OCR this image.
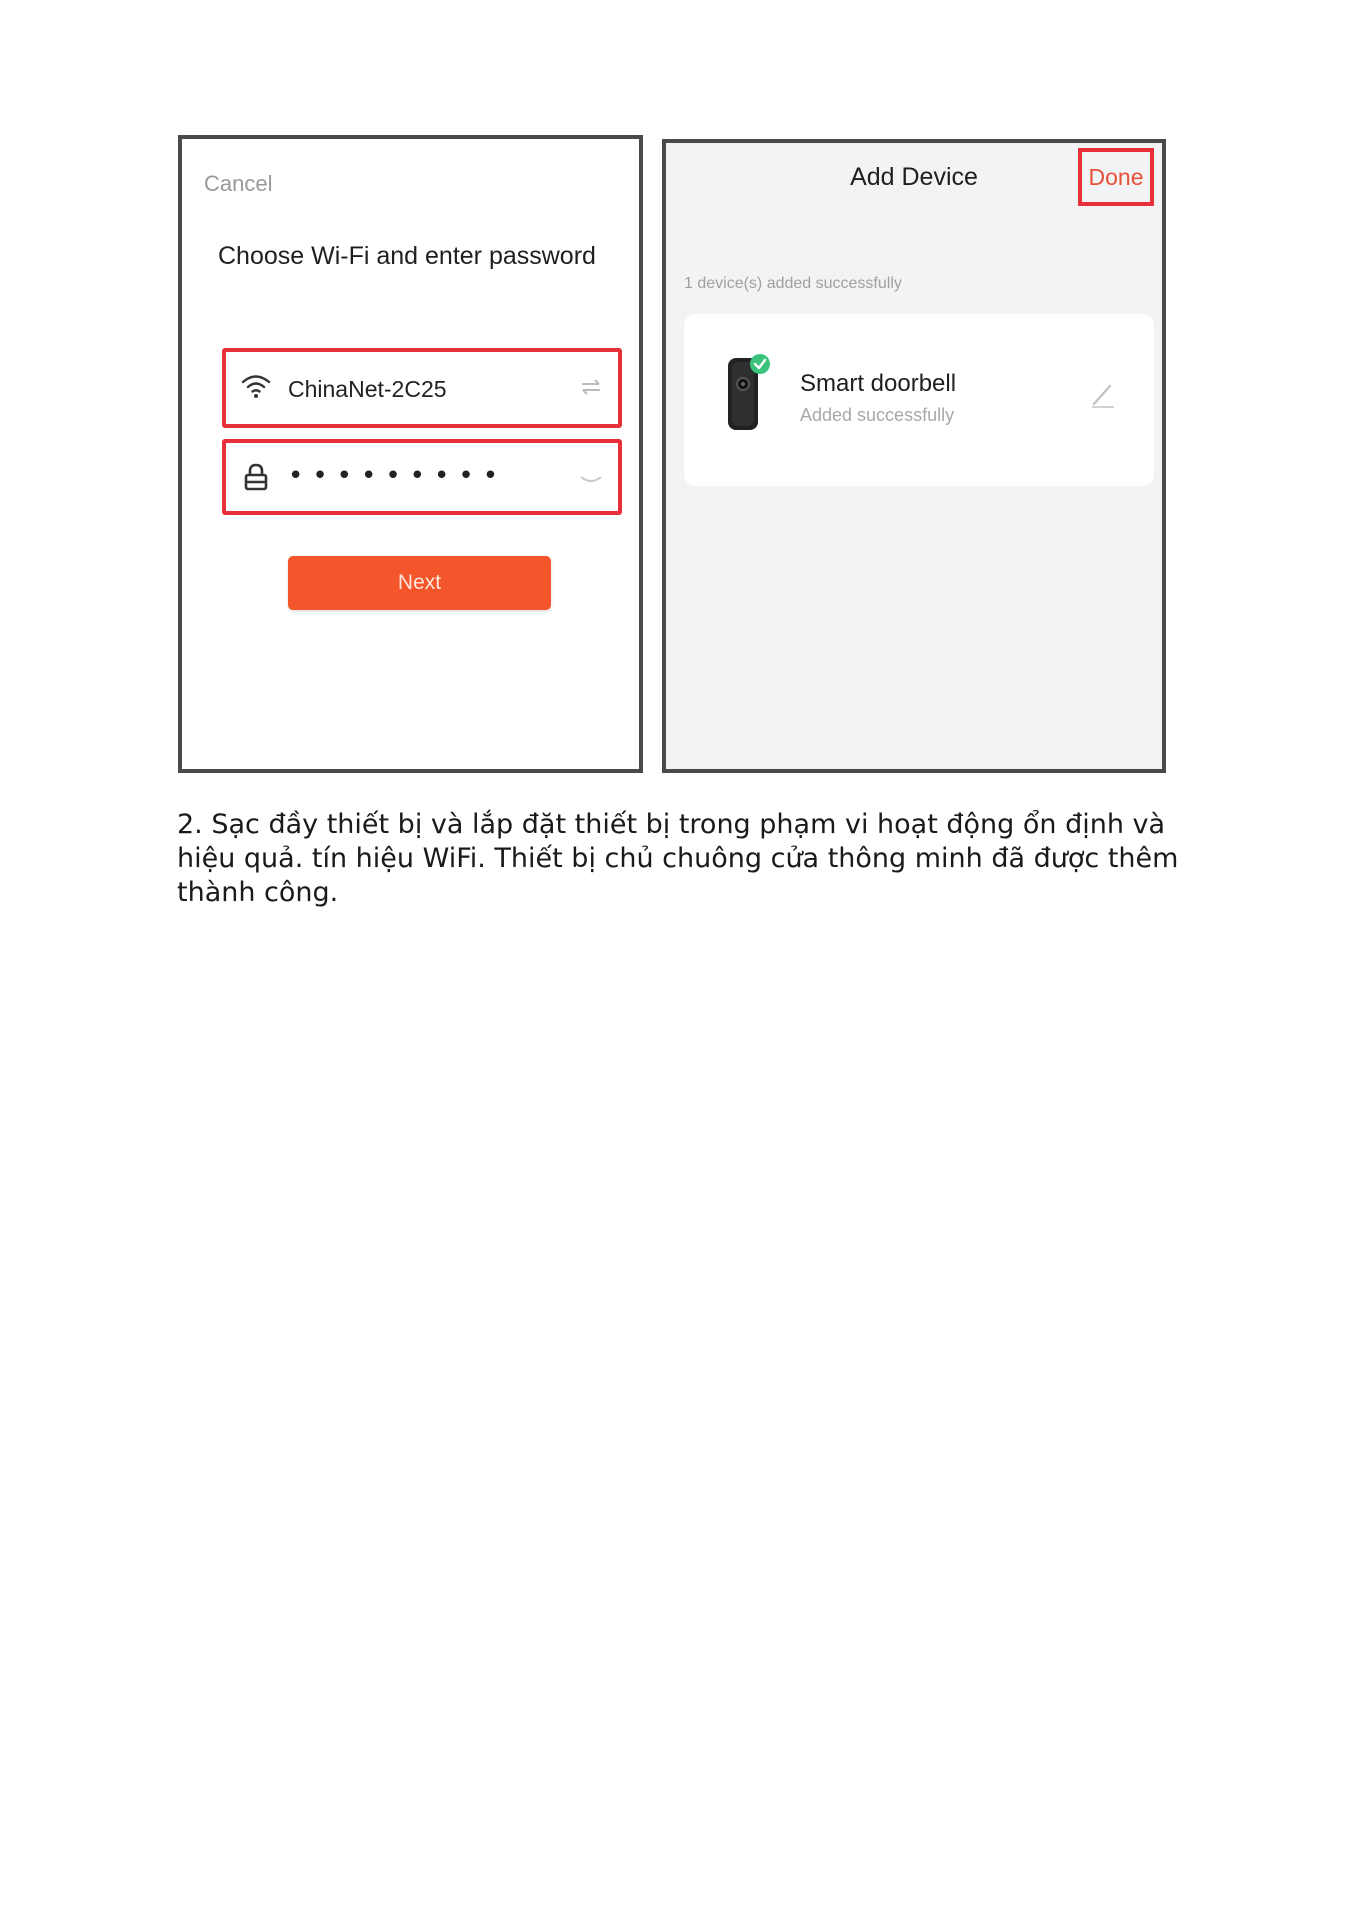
Cancel
Choose Wi-Fi and enter password
ChinaNet-2C25
•••••••••
Next
Add Device	Done
1 device(s) added successfully
Smart doorbell
Added successfully
2. Sạc đầy thiết bị và lắp đặt thiết bị trong phạm vi hoạt động ổn định và hiệu quả. tín hiệu WiFi. Thiết bị chủ chuông cửa thông minh đã được thêm thành công.
